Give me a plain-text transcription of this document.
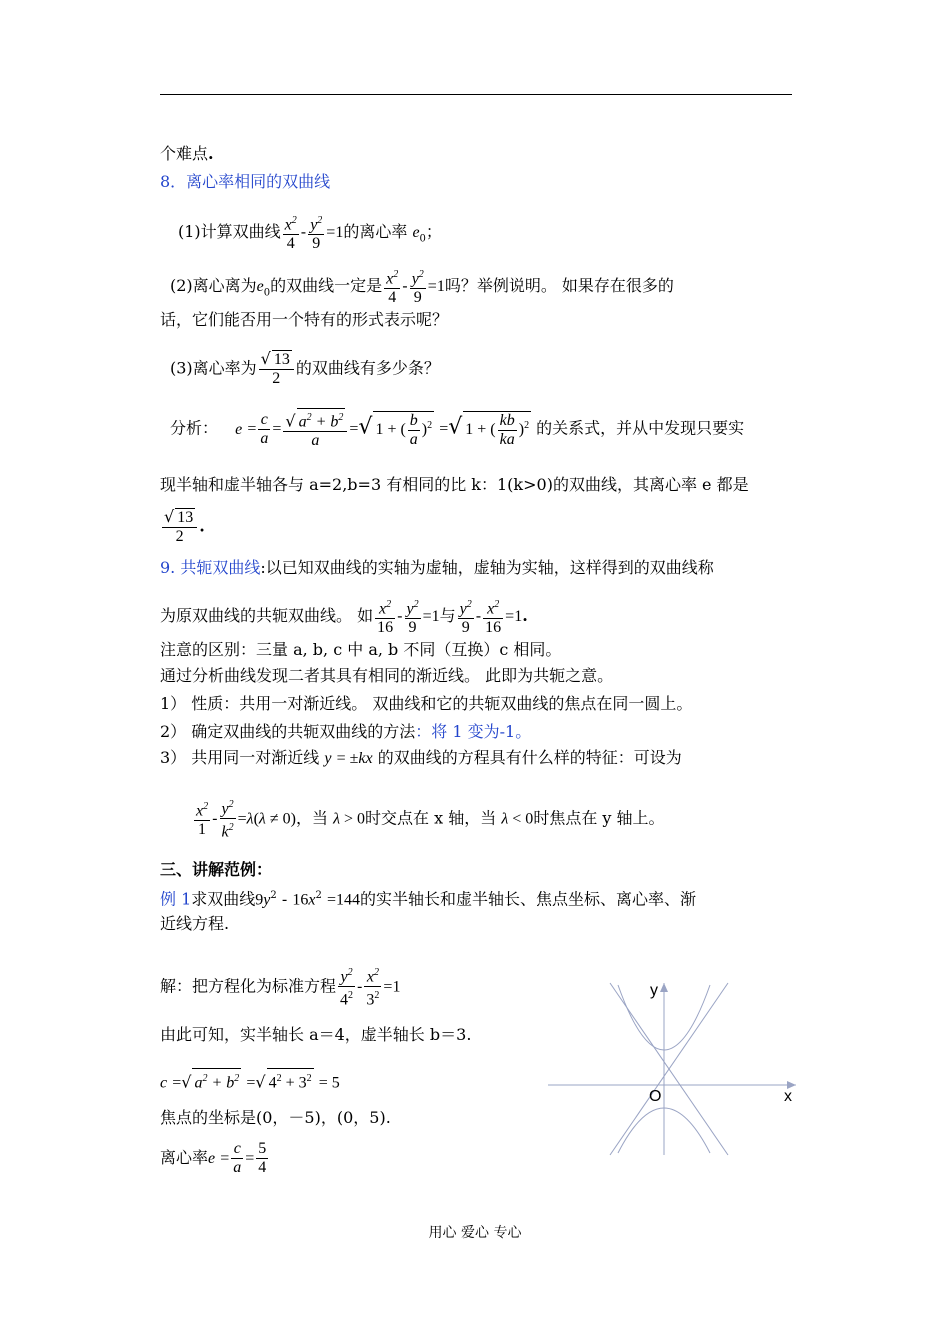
个难点.
8．离心率相同的双曲线
(1)计算双曲线 $\frac{x^2}{4} - \frac{y^2}{9} =1$的离心率 $e_0$；
(2)离心离为$e_0$的双曲线一定是 $\frac{x^2}{4} - \frac{y^2}{9} =1$吗？举例说明。 如果存在很多的
话，它们能否用一个特有的形式表示呢？
(3)离心率为 $\frac{√ 13}{2}$ 的双曲线有多少条？
分析： $e = \frac{c}{a} = \frac{√ a^2 + b^2}{a}$ =√ 1 + ( $\frac{b}{a} )^2$ =√ 1 + ( $\frac{kb}{ka} )^2$ 的关系式，并从中发现只要实
现半轴和虚半轴各与 a=2,b=3 有相同的比 k：1(k>0)的双曲线，其离心率 e 都是
$\frac{√ 13}{2}$ .
9. 共轭双曲线:以已知双曲线的实轴为虚轴，虚轴为实轴，这样得到的双曲线称
为原双曲线的共轭双曲线。 如 $\frac{x^2}{16} - \frac{y^2}{9} =1$与 $\frac{y^2}{9} - \frac{x^2}{16} =1$.
注意的区别：三量 a, b, c 中 a, b 不同（互换）c 相同。
通过分析曲线发现二者其具有相同的渐近线。 此即为共轭之意。
1） 性质：共用一对渐近线。 双曲线和它的共轭双曲线的焦点在同一圆上。
2） 确定双曲线的共轭双曲线的方法：将 1 变为-1。
3） 共用同一对渐近线 y = ±kx 的双曲线的方程具有什么样的特征：可设为
$\frac{x^2}{1} - \frac{y^2}{k^2} =\lambda(\lambda \ne 0)$，当 λ > 0时交点在 x 轴，当 λ < 0时焦点在 y 轴上。
三、讲解范例：
例 1求双曲线$9y^2 - 16x^2 =144$的实半轴长和虚半轴长、焦点坐标、离心率、渐
近线方程.
解：把方程化为标准方程 $\frac{y^2}{4^2} - \frac{x^2}{3^2} =1$
由此可知，实半轴长 a＝4，虚半轴长 b＝3.
c =√ $a^2 + b^2$ =√ $4^2 + 3^2 = 5$
焦点的坐标是(0，－5)，(0，5).
离心率$e = \frac{c}{a} = \frac{5}{4}$
y
x
O
用心 爱心 专心
